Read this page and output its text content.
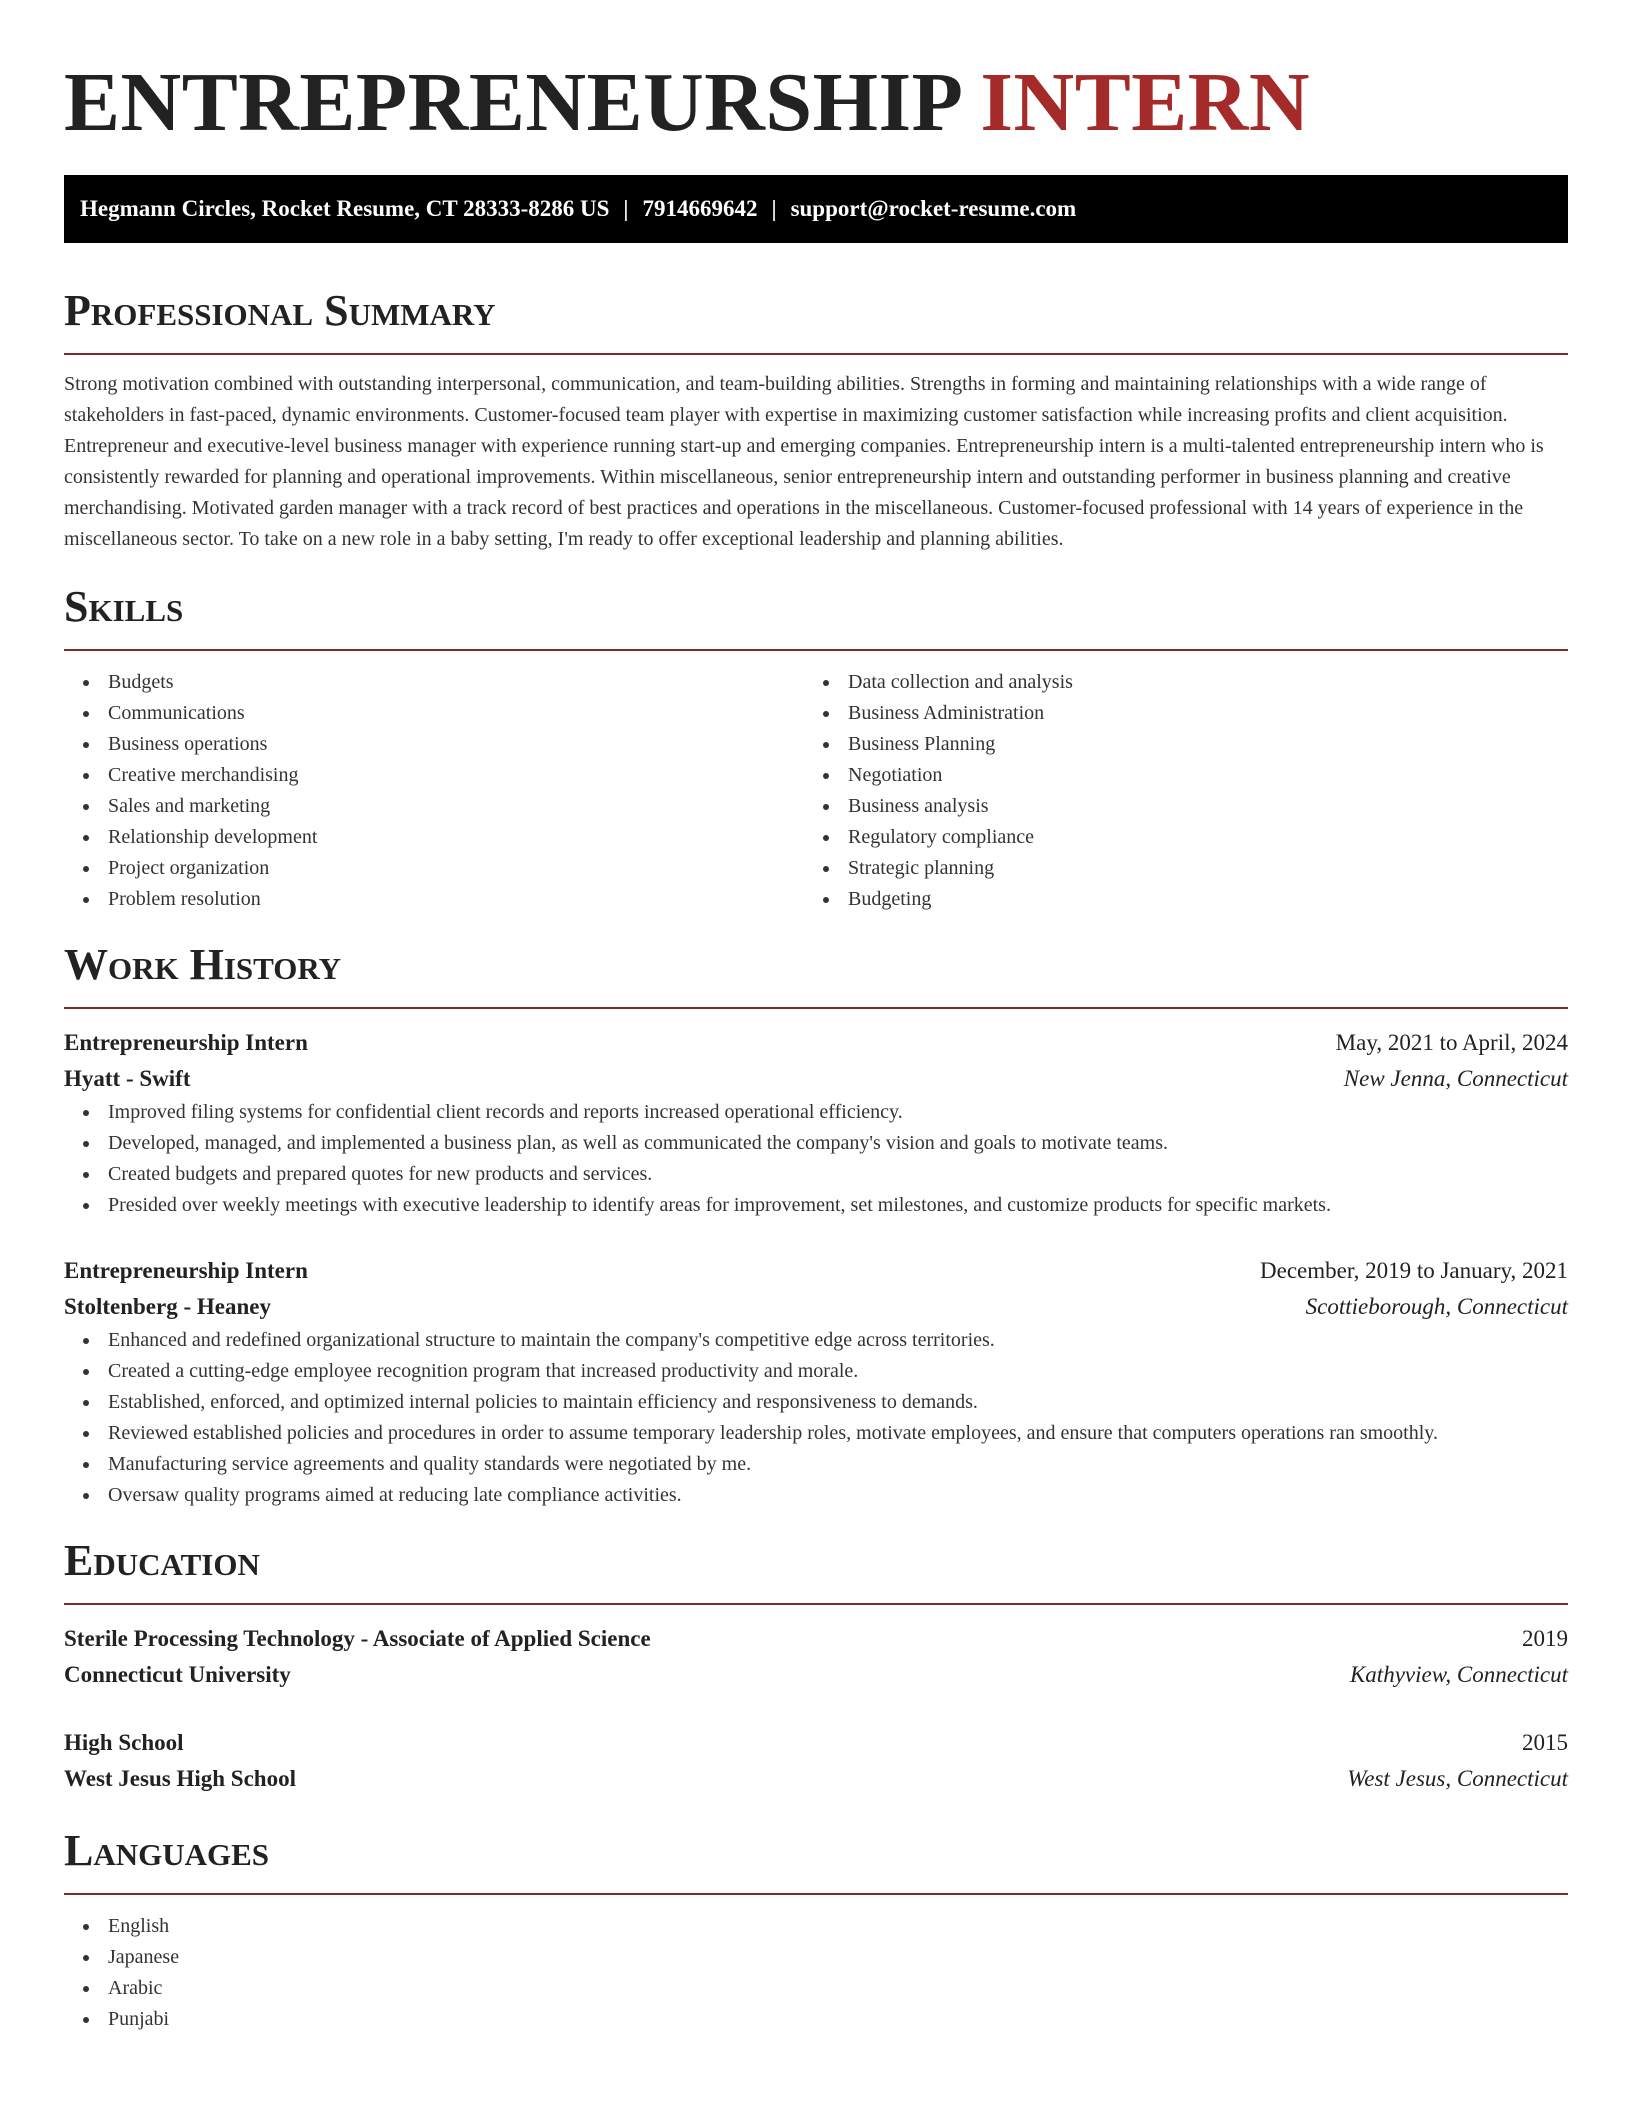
ENTREPRENEURSHIP INTERN
Hegmann Circles, Rocket Resume, CT 28333-8286 US | 7914669642 | support@rocket-resume.com
Professional Summary

Strong motivation combined with outstanding interpersonal, communication, and team-building abilities. Strengths in forming and maintaining relationships with a wide range of stakeholders in fast-paced, dynamic environments. Customer-focused team player with expertise in maximizing customer satisfaction while increasing profits and client acquisition. Entrepreneur and executive-level business manager with experience running start-up and emerging companies. Entrepreneurship intern is a multi-talented entrepreneurship intern who is consistently rewarded for planning and operational improvements. Within miscellaneous, senior entrepreneurship intern and outstanding performer in business planning and creative merchandising. Motivated garden manager with a track record of best practices and operations in the miscellaneous. Customer-focused professional with 14 years of experience in the miscellaneous sector. To take on a new role in a baby setting, I'm ready to offer exceptional leadership and planning abilities.

Skills
Budgets
Communications
Business operations
Creative merchandising
Sales and marketing
Relationship development
Project organization
Problem resolution
Data collection and analysis
Business Administration
Business Planning
Negotiation
Business analysis
Regulatory compliance
Strategic planning
Budgeting
Work History
Entrepreneurship Intern	May, 2021 to April, 2024
Hyatt - Swift	New Jenna, Connecticut
Improved filing systems for confidential client records and reports increased operational efficiency.
Developed, managed, and implemented a business plan, as well as communicated the company's vision and goals to motivate teams.
Created budgets and prepared quotes for new products and services.
Presided over weekly meetings with executive leadership to identify areas for improvement, set milestones, and customize products for specific markets.
Entrepreneurship Intern	December, 2019 to January, 2021
Stoltenberg - Heaney	Scottieborough, Connecticut
Enhanced and redefined organizational structure to maintain the company's competitive edge across territories.
Created a cutting-edge employee recognition program that increased productivity and morale.
Established, enforced, and optimized internal policies to maintain efficiency and responsiveness to demands.
Reviewed established policies and procedures in order to assume temporary leadership roles, motivate employees, and ensure that computers operations ran smoothly.
Manufacturing service agreements and quality standards were negotiated by me.
Oversaw quality programs aimed at reducing late compliance activities.
Education
Sterile Processing Technology - Associate of Applied Science	2019
Connecticut University	Kathyview, Connecticut
High School	2015
West Jesus High School	West Jesus, Connecticut
Languages
English
Japanese
Arabic
Punjabi
